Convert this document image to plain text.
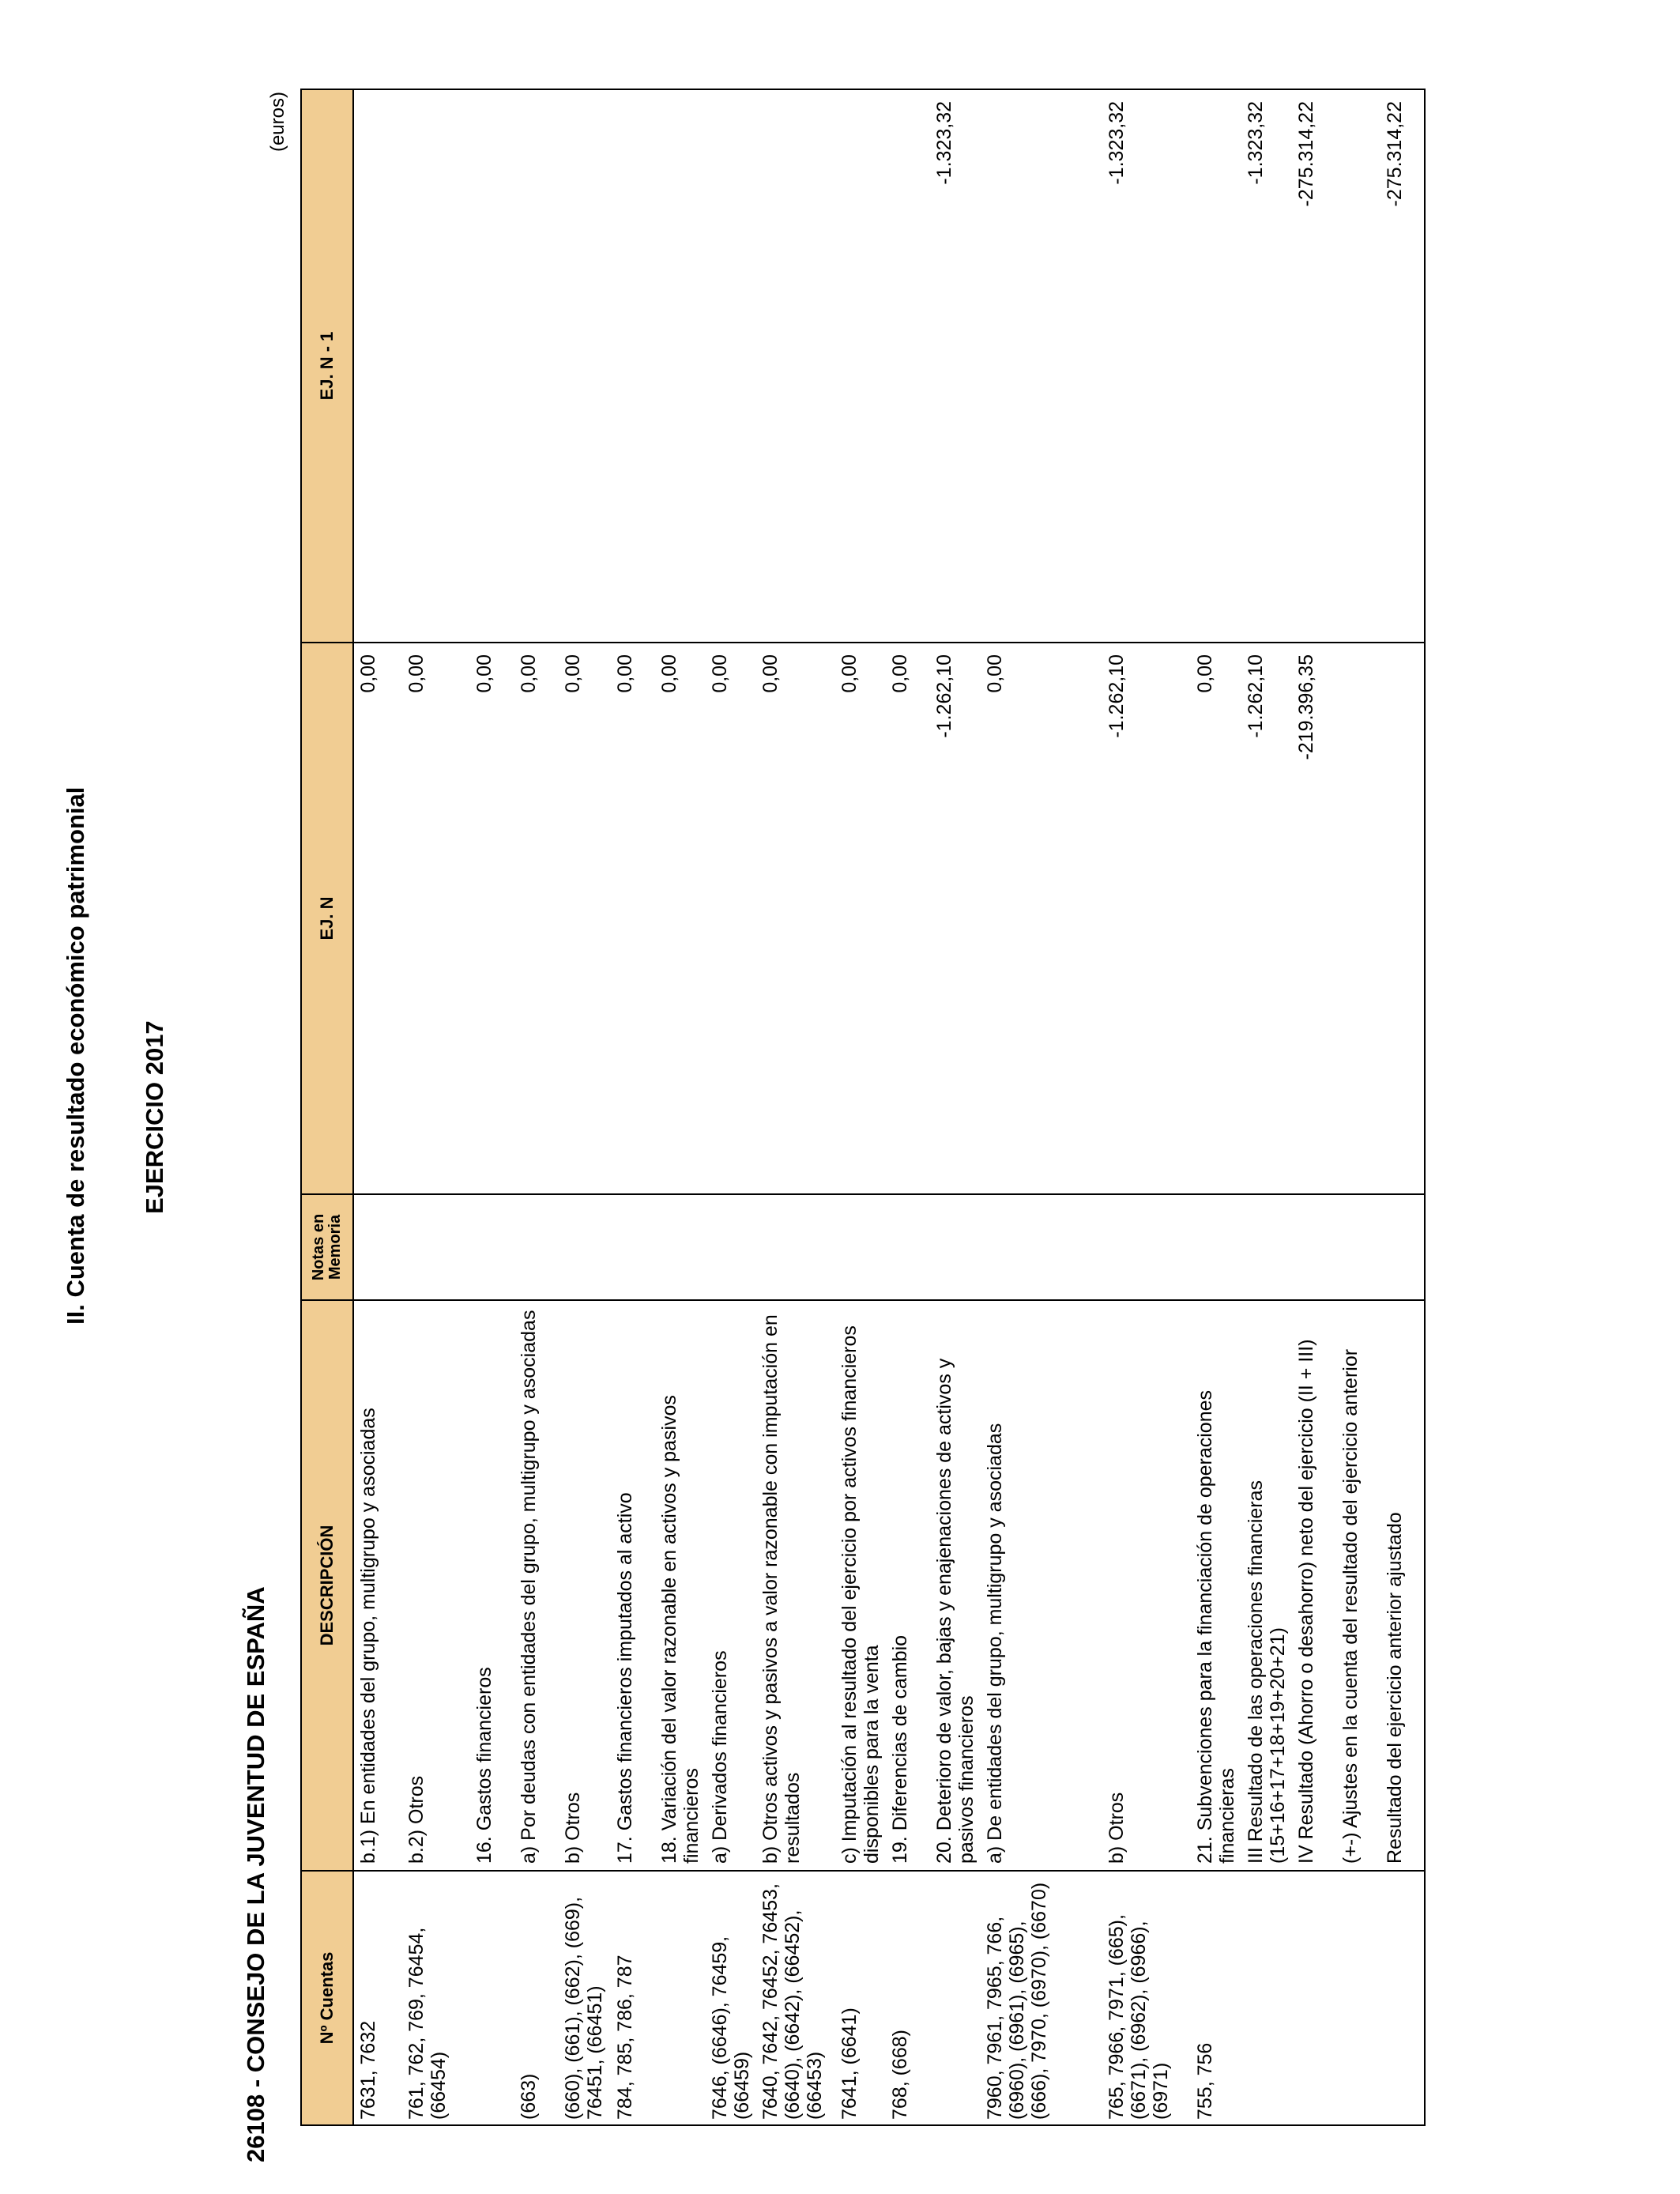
II. Cuenta de resultado económico patrimonial EJERCICIO 2017
26108 - CONSEJO DE LA JUVENTUD DE ESPAÑA
(euros)
Nº Cuentas	DESCRIPCIÓN	Notas en Memoria	EJ. N	EJ. N - 1
7631, 7632	b.1) En entidades del grupo, multigrupo y asociadas		0,00	
761, 762, 769, 76454, (66454)	b.2) Otros		0,00	
	16. Gastos financieros		0,00	
(663)	a) Por deudas con entidades del grupo, multigrupo y asociadas		0,00	
(660), (661), (662), (669), 76451, (66451)	b) Otros		0,00	
784, 785, 786, 787	17. Gastos financieros imputados al activo		0,00	
	18. Variación del valor razonable en activos y pasivos financieros		0,00	
7646, (6646), 76459, (66459)	a) Derivados financieros		0,00	
7640, 7642, 76452, 76453, (6640), (6642), (66452), (66453)	b) Otros activos y pasivos a valor razonable con imputación en resultados		0,00	
7641, (6641)	c) Imputación al resultado del ejercicio por activos financieros disponibles para la venta		0,00	
768, (668)	19. Diferencias de cambio		0,00	
	20. Deterioro de valor, bajas y enajenaciones de activos y pasivos financieros		-1.262,10	-1.323,32
7960, 7961, 7965, 766, (6960), (6961), (6965), (666), 7970, (6970), (6670)	a) De entidades del grupo, multigrupo y asociadas		0,00	
765, 7966, 7971, (665), (6671), (6962), (6966), (6971)	b) Otros		-1.262,10	-1.323,32
755, 756	21. Subvenciones para la financiación de operaciones financieras		0,00	
	III Resultado de las operaciones financieras (15+16+17+18+19+20+21)		-1.262,10	-1.323,32
	IV Resultado (Ahorro o desahorro) neto del ejercicio (II + III)		-219.396,35	-275.314,22
	(+-) Ajustes en la cuenta del resultado del ejercicio anterior			
	Resultado del ejercicio anterior ajustado			-275.314,22
